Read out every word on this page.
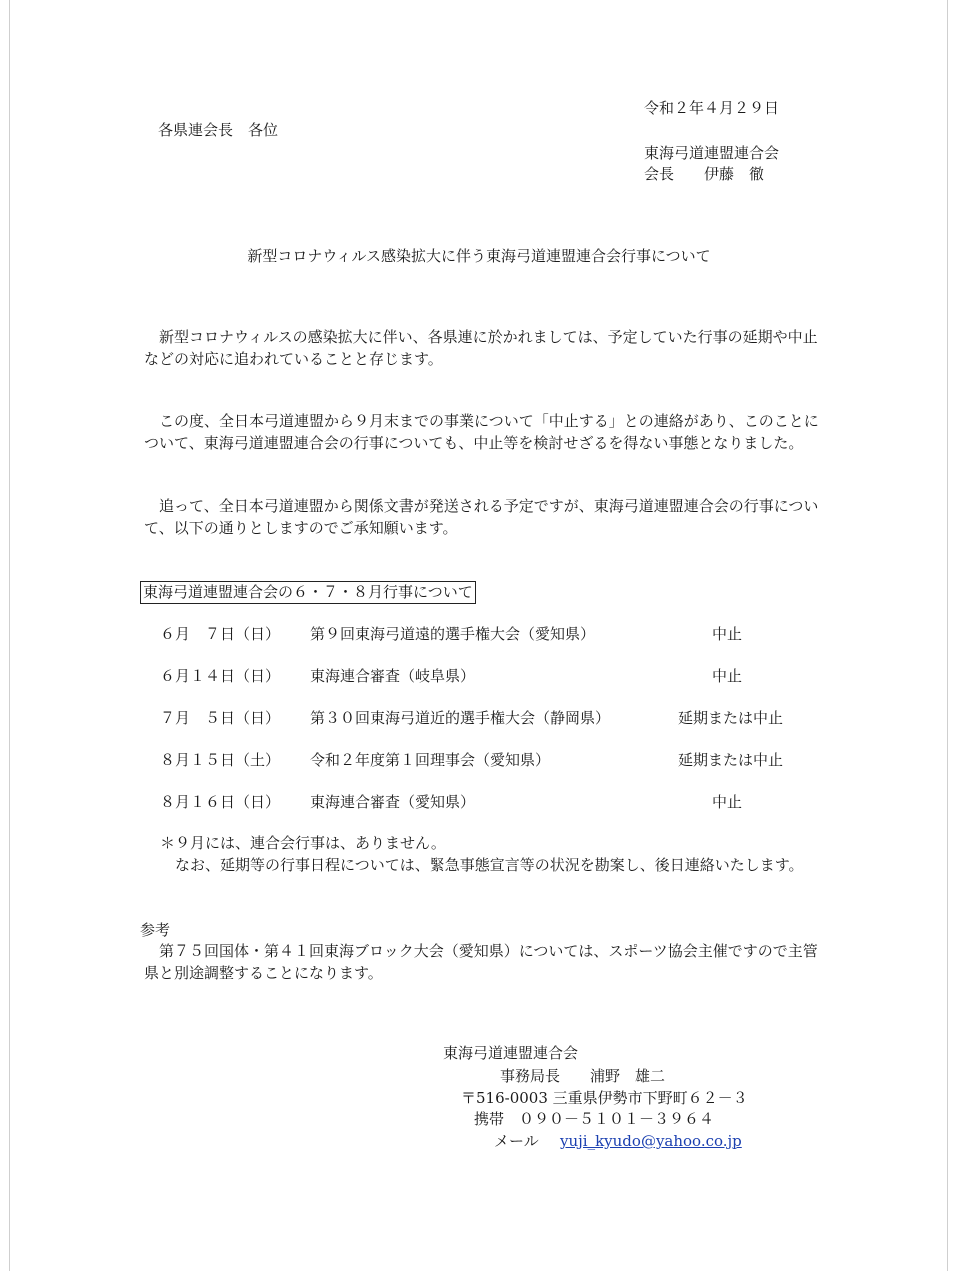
令和２年４月２９日
各県連会長　各位
東海弓道連盟連合会
会長　　伊藤　徹
新型コロナウィルス感染拡大に伴う東海弓道連盟連合会行事について
新型コロナウィルスの感染拡大に伴い、各県連に於かれましては、予定していた行事の延期や中止などの対応に追われていることと存じます。
この度、全日本弓道連盟から９月末までの事業について「中止する」との連絡があり、このことについて、東海弓道連盟連合会の行事についても、中止等を検討せざるを得ない事態となりました。
追って、全日本弓道連盟から関係文書が発送される予定ですが、東海弓道連盟連合会の行事について、以下の通りとしますのでご承知願います。
東海弓道連盟連合会の６・７・８月行事について
６月　７日（日） 第９回東海弓道遠的選手権大会（愛知県）	中止
６月１４日（日） 東海連合審査（岐阜県）	中止
７月　５日（日） 第３０回東海弓道近的選手権大会（静岡県）	延期または中止
８月１５日（土） 令和２年度第１回理事会（愛知県）	延期または中止
８月１６日（日） 東海連合審査（愛知県）	中止
＊９月には、連合会行事は、ありません。
なお、延期等の行事日程については、緊急事態宣言等の状況を勘案し、後日連絡いたします。
参考
第７５回国体・第４１回東海ブロック大会（愛知県）については、スポーツ協会主催ですので主管県と別途調整することになります。
東海弓道連盟連合会
事務局長　　浦野　雄二
〒516-0003 三重県伊勢市下野町６２－３
携帯　０９０－５１０１－３９６４
メール yuji_kyudo@yahoo.co.jp
